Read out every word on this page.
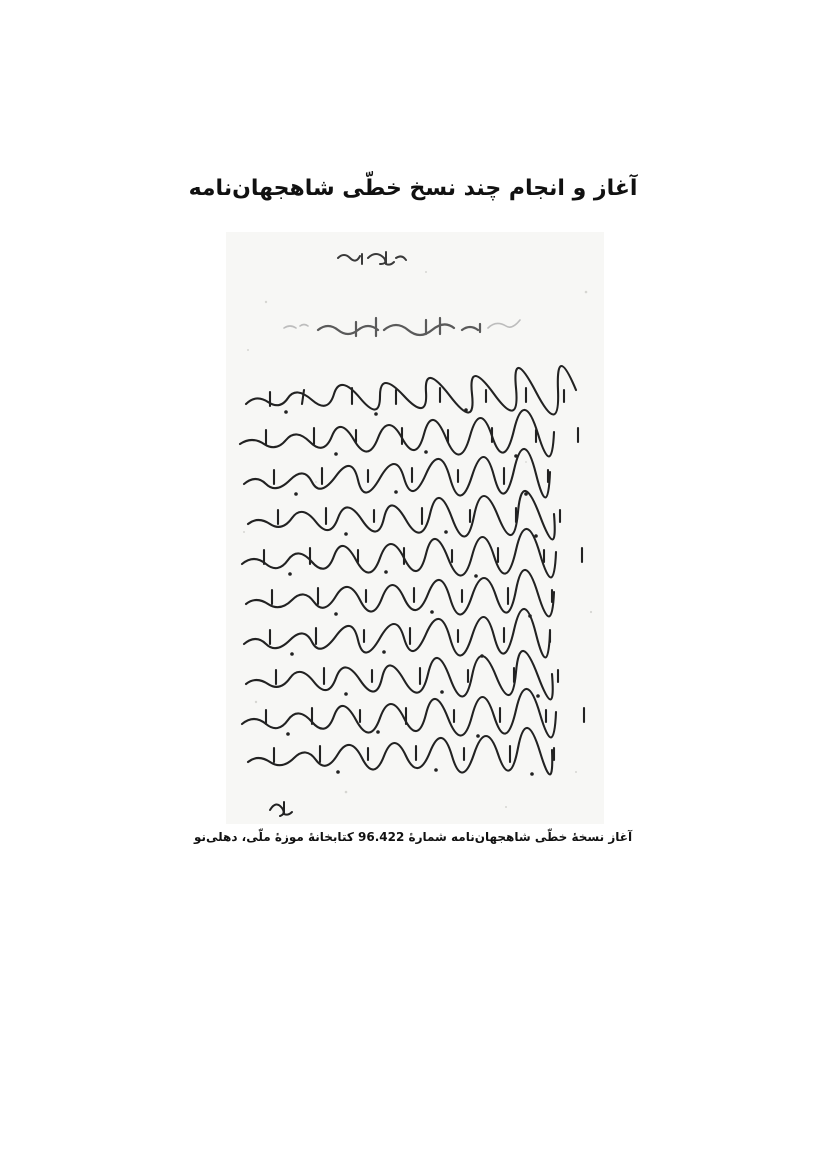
آغاز و انجام چند نسخ خطّی شاهجهان‌نامه

آغاز نسخهٔ خطّی شاهجهان‌نامه شمارهٔ 96.422 کتابخانهٔ موزهٔ ملّی، دهلی‌نو
